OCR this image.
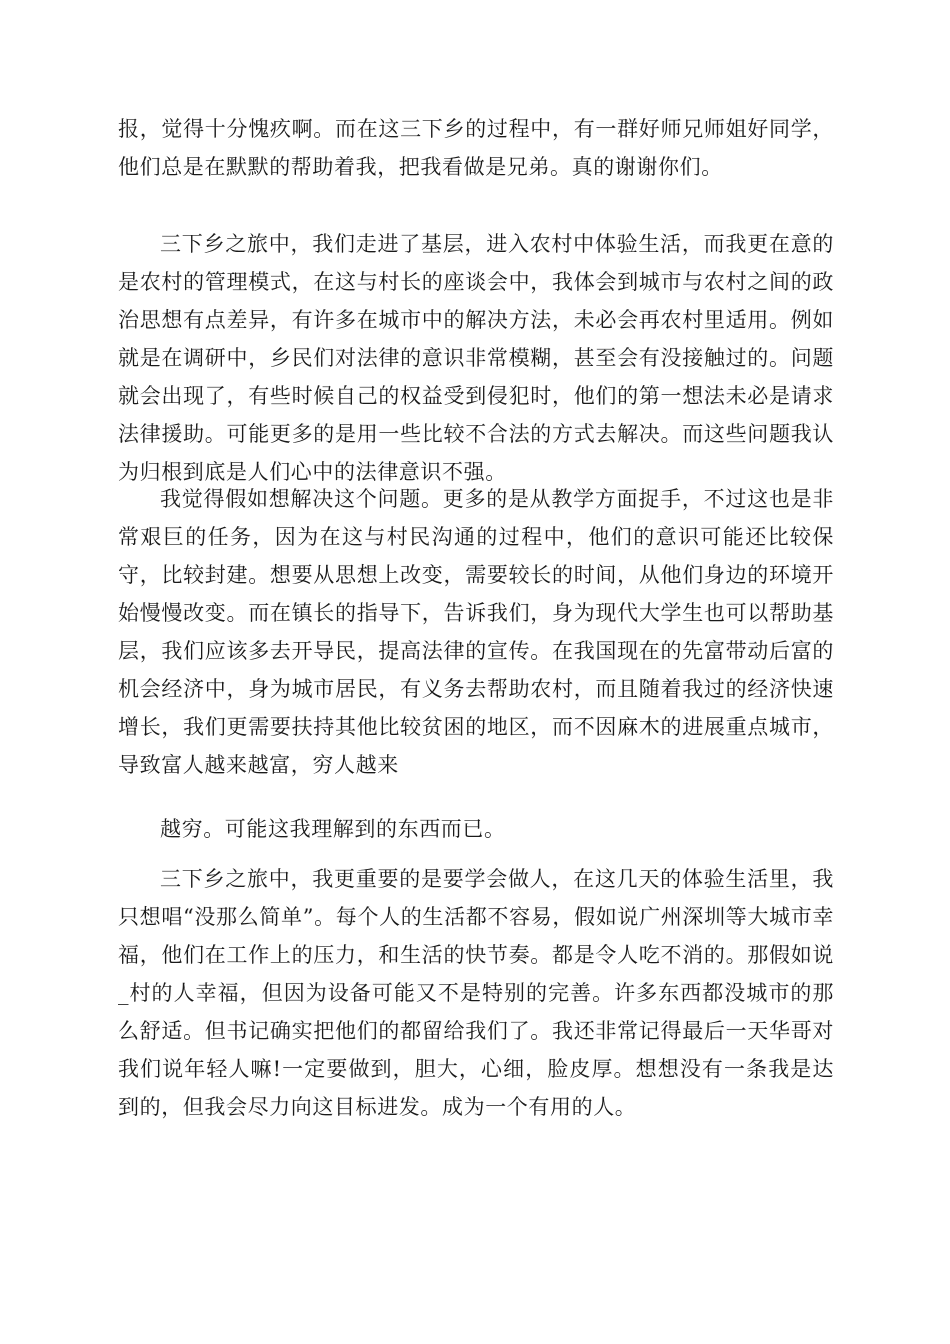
报，觉得十分愧疚啊。而在这三下乡的过程中，有一群好师兄师姐好同学，他们总是在默默的帮助着我，把我看做是兄弟。真的谢谢你们。

三下乡之旅中，我们走进了基层，进入农村中体验生活，而我更在意的是农村的管理模式，在这与村长的座谈会中，我体会到城市与农村之间的政治思想有点差异，有许多在城市中的解决方法，未必会再农村里适用。例如就是在调研中，乡民们对法律的意识非常模糊，甚至会有没接触过的。问题就会出现了，有些时候自己的权益受到侵犯时，他们的第一想法未必是请求法律援助。可能更多的是用一些比较不合法的方式去解决。而这些问题我认为归根到底是人们心中的法律意识不强。

我觉得假如想解决这个问题。更多的是从教学方面捉手，不过这也是非常艰巨的任务，因为在这与村民沟通的过程中，他们的意识可能还比较保守，比较封建。想要从思想上改变，需要较长的时间，从他们身边的环境开始慢慢改变。而在镇长的指导下，告诉我们，身为现代大学生也可以帮助基层，我们应该多去开导民，提高法律的宣传。在我国现在的先富带动后富的机会经济中，身为城市居民，有义务去帮助农村，而且随着我过的经济快速增长，我们更需要扶持其他比较贫困的地区，而不因麻木的进展重点城市，导致富人越来越富，穷人越来

越穷。可能这我理解到的东西而已。

三下乡之旅中，我更重要的是要学会做人，在这几天的体验生活里，我只想唱“没那么简单”。每个人的生活都不容易，假如说广州深圳等大城市幸福，他们在工作上的压力，和生活的快节奏。都是令人吃不消的。那假如说_村的人幸福，但因为设备可能又不是特别的完善。许多东西都没城市的那么舒适。但书记确实把他们的都留给我们了。我还非常记得最后一天华哥对我们说年轻人嘛!一定要做到，胆大，心细，脸皮厚。想想没有一条我是达到的，但我会尽力向这目标进发。成为一个有用的人。
